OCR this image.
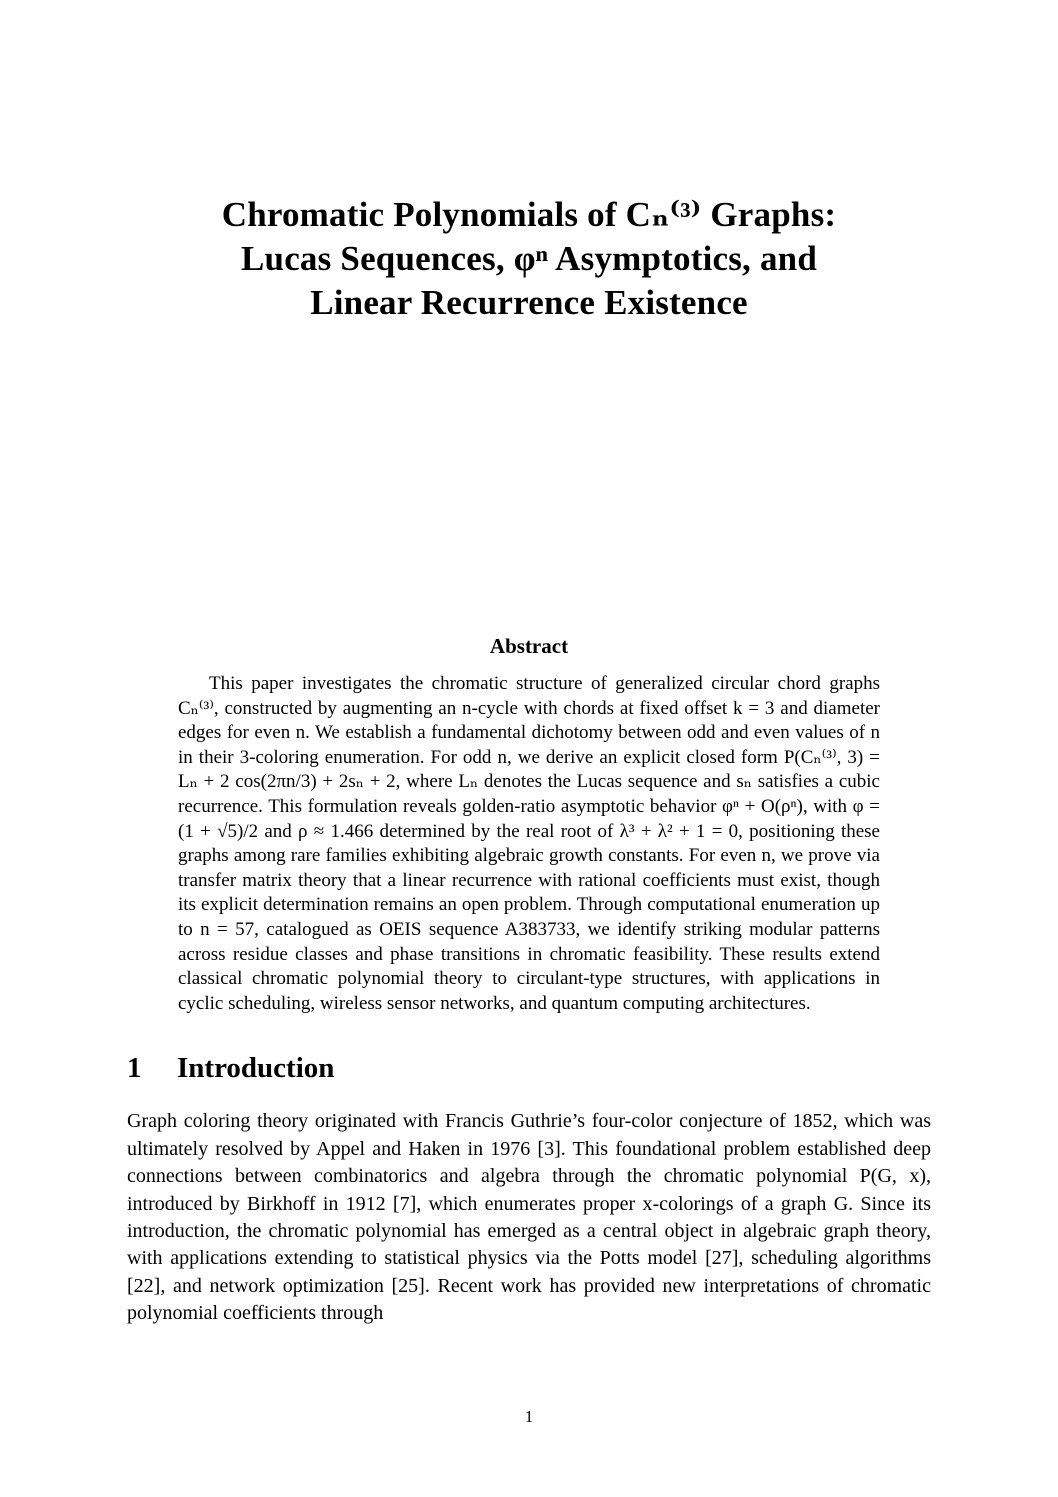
Chromatic Polynomials of Cₙ⁽³⁾ Graphs:
Lucas Sequences, φⁿ Asymptotics, and
Linear Recurrence Existence
Abstract

This paper investigates the chromatic structure of generalized circular chord graphs Cₙ⁽³⁾, constructed by augmenting an n-cycle with chords at fixed offset k = 3 and diameter edges for even n. We establish a fundamental dichotomy between odd and even values of n in their 3-coloring enumeration. For odd n, we derive an explicit closed form P(Cₙ⁽³⁾, 3) = Lₙ + 2 cos(2πn/3) + 2sₙ + 2, where Lₙ denotes the Lucas sequence and sₙ satisfies a cubic recurrence. This formulation reveals golden-ratio asymptotic behavior φⁿ + O(ρⁿ), with φ = (1 + √5)/2 and ρ ≈ 1.466 determined by the real root of λ³ + λ² + 1 = 0, positioning these graphs among rare families exhibiting algebraic growth constants. For even n, we prove via transfer matrix theory that a linear recurrence with rational coefficients must exist, though its explicit determination remains an open problem. Through computational enumeration up to n = 57, catalogued as OEIS sequence A383733, we identify striking modular patterns across residue classes and phase transitions in chromatic feasibility. These results extend classical chromatic polynomial theory to circulant-type structures, with applications in cyclic scheduling, wireless sensor networks, and quantum computing architectures.

1 Introduction

Graph coloring theory originated with Francis Guthrie’s four-color conjecture of 1852, which was ultimately resolved by Appel and Haken in 1976 [3]. This foundational problem established deep connections between combinatorics and algebra through the chromatic polynomial P(G, x), introduced by Birkhoff in 1912 [7], which enumerates proper x-colorings of a graph G. Since its introduction, the chromatic polynomial has emerged as a central object in algebraic graph theory, with applications extending to statistical physics via the Potts model [27], scheduling algorithms [22], and network optimization [25]. Recent work has provided new interpretations of chromatic polynomial coefficients through

1
